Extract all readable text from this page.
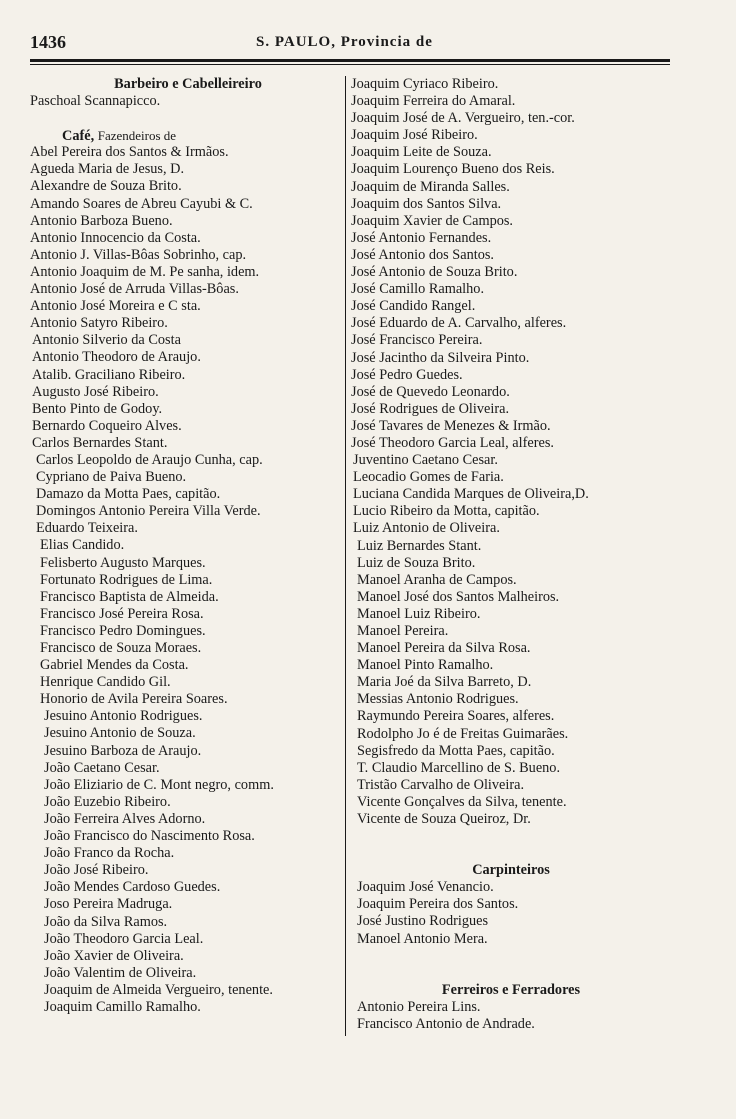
1436	S. PAULO, Provincia de
Barbeiro e Cabelleireiro
Paschoal Scannapicco.
Café, Fazendeiros de
Abel Pereira dos Santos & Irmãos.
Agueda Maria de Jesus, D.
Alexandre de Souza Brito.
Amando Soares de Abreu Cayubi & C.
Antonio Barboza Bueno.
Antonio Innocencio da Costa.
Antonio J. Villas-Bôas Sobrinho, cap.
Antonio Joaquim de M. Pe sanha, idem.
Antonio José de Arruda Villas-Bôas.
Antonio José Moreira e C sta.
Antonio Satyro Ribeiro.
Antonio Silverio da Costa
Antonio Theodoro de Araujo.
Atalib. Graciliano Ribeiro.
Augusto José Ribeiro.
Bento Pinto de Godoy.
Bernardo Coqueiro Alves.
Carlos Bernardes Stant.
Carlos Leopoldo de Araujo Cunha, cap.
Cypriano de Paiva Bueno.
Damazo da Motta Paes, capitão.
Domingos Antonio Pereira Villa Verde.
Eduardo Teixeira.
Elias Candido.
Felisberto Augusto Marques.
Fortunato Rodrigues de Lima.
Francisco Baptista de Almeida.
Francisco José Pereira Rosa.
Francisco Pedro Domingues.
Francisco de Souza Moraes.
Gabriel Mendes da Costa.
Henrique Candido Gil.
Honorio de Avila Pereira Soares.
Jesuino Antonio Rodrigues.
Jesuino Antonio de Souza.
Jesuino Barboza de Araujo.
João Caetano Cesar.
João Eliziario de C. Mont negro, comm.
João Euzebio Ribeiro.
João Ferreira Alves Adorno.
João Francisco do Nascimento Rosa.
João Franco da Rocha.
João José Ribeiro.
João Mendes Cardoso Guedes.
Joso Pereira Madruga.
João da Silva Ramos.
João Theodoro Garcia Leal.
João Xavier de Oliveira.
João Valentim de Oliveira.
Joaquim de Almeida Vergueiro, tenente.
Joaquim Camillo Ramalho.
Joaquim Cyriaco Ribeiro.
Joaquim Ferreira do Amaral.
Joaquim José de A. Vergueiro, ten.-cor.
Joaquim José Ribeiro.
Joaquim Leite de Souza.
Joaquim Lourenço Bueno dos Reis.
Joaquim de Miranda Salles.
Joaquim dos Santos Silva.
Joaquim Xavier de Campos.
José Antonio Fernandes.
José Antonio dos Santos.
José Antonio de Souza Brito.
José Camillo Ramalho.
José Candido Rangel.
José Eduardo de A. Carvalho, alferes.
José Francisco Pereira.
José Jacintho da Silveira Pinto.
José Pedro Guedes.
José de Quevedo Leonardo.
José Rodrigues de Oliveira.
José Tavares de Menezes & Irmão.
José Theodoro Garcia Leal, alferes.
Juventino Caetano Cesar.
Leocadio Gomes de Faria.
Luciana Candida Marques de Oliveira,D.
Lucio Ribeiro da Motta, capitão.
Luiz Antonio de Oliveira.
Luiz Bernardes Stant.
Luiz de Souza Brito.
Manoel Aranha de Campos.
Manoel José dos Santos Malheiros.
Manoel Luiz Ribeiro.
Manoel Pereira.
Manoel Pereira da Silva Rosa.
Manoel Pinto Ramalho.
Maria Joé da Silva Barreto, D.
Messias Antonio Rodrigues.
Raymundo Pereira Soares, alferes.
Rodolpho Jo é de Freitas Guimarães.
Segisfredo da Motta Paes, capitão.
T. Claudio Marcellino de S. Bueno.
Tristão Carvalho de Oliveira.
Vicente Gonçalves da Silva, tenente.
Vicente de Souza Queiroz, Dr.
Carpinteiros
Joaquim José Venancio.
Joaquim Pereira dos Santos.
José Justino Rodrigues
Manoel Antonio Mera.
Ferreiros e Ferradores
Antonio Pereira Lins.
Francisco Antonio de Andrade.
